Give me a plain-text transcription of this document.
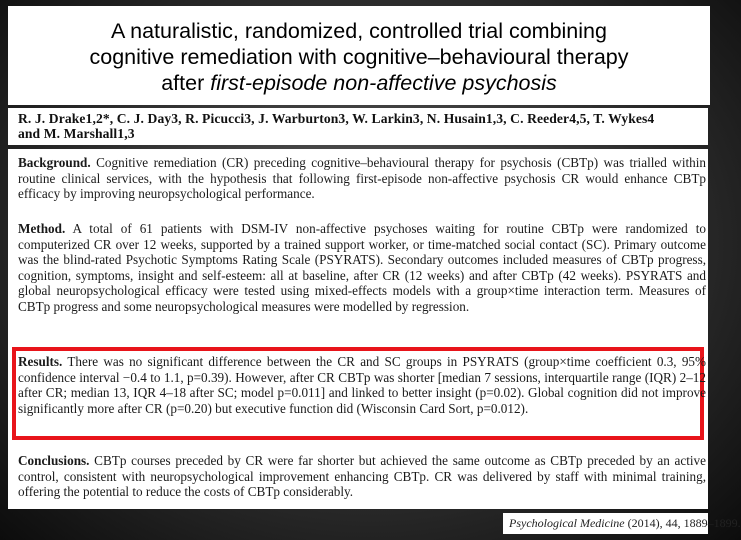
A naturalistic, randomized, controlled trial combining
cognitive remediation with cognitive–behavioural therapy
after first-episode non-affective psychosis
R. J. Drake1,2*, C. J. Day3, R. Picucci3, J. Warburton3, W. Larkin3, N. Husain1,3, C. Reeder4,5, T. Wykes4
and M. Marshall1,3
Background. Cognitive remediation (CR) preceding cognitive–behavioural therapy for psychosis (CBTp) was trialled within routine clinical services, with the hypothesis that following first-episode non-affective psychosis CR would enhance CBTp efficacy by improving neuropsychological performance.
Method. A total of 61 patients with DSM-IV non-affective psychoses waiting for routine CBTp were randomized to computerized CR over 12 weeks, supported by a trained support worker, or time-matched social contact (SC). Primary outcome was the blind-rated Psychotic Symptoms Rating Scale (PSYRATS). Secondary outcomes included measures of CBTp progress, cognition, symptoms, insight and self-esteem: all at baseline, after CR (12 weeks) and after CBTp (42 weeks). PSYRATS and global neuropsychological efficacy were tested using mixed-effects models with a group×time interaction term. Measures of CBTp progress and some neuropsychological measures were modelled by regression.
Results. There was no significant difference between the CR and SC groups in PSYRATS (group×time coefficient 0.3, 95% confidence interval −0.4 to 1.1, p=0.39). However, after CR CBTp was shorter [median 7 sessions, interquartile range (IQR) 2–12 after CR; median 13, IQR 4–18 after SC; model p=0.011] and linked to better insight (p=0.02). Global cognition did not improve significantly more after CR (p=0.20) but executive function did (Wisconsin Card Sort, p=0.012).
Conclusions. CBTp courses preceded by CR were far shorter but achieved the same outcome as CBTp preceded by an active control, consistent with neuropsychological improvement enhancing CBTp. CR was delivered by staff with minimal training, offering the potential to reduce the costs of CBTp considerably.
Psychological Medicine (2014), 44, 1889–1899.
